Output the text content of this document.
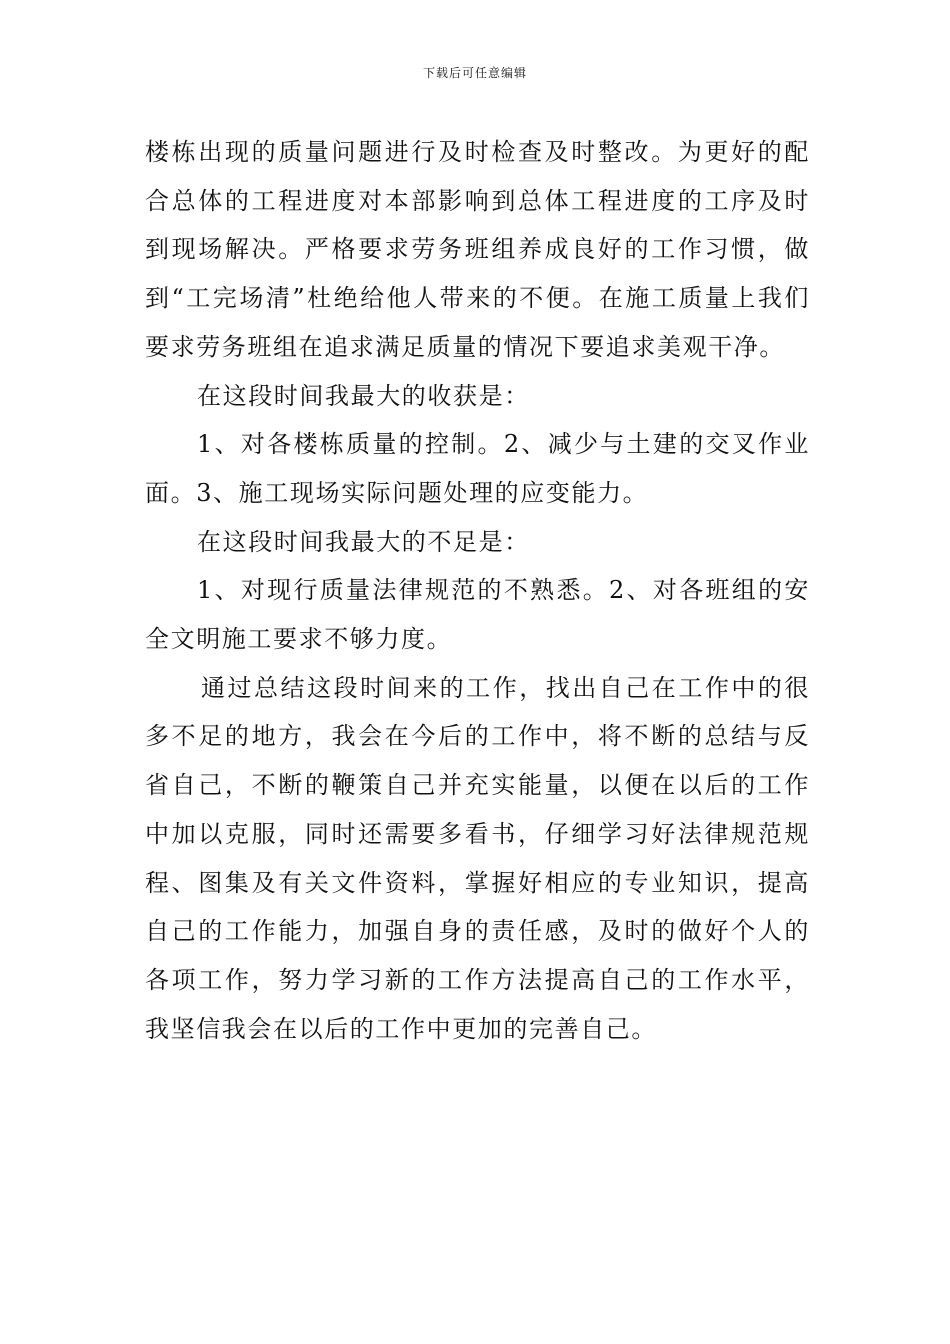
下载后可任意编辑

楼栋出现的质量问题进行及时检查及时整改。为更好的配合总体的工程进度对本部影响到总体工程进度的工序及时到现场解决。严格要求劳务班组养成良好的工作习惯，做到“工完场清”杜绝给他人带来的不便。在施工质量上我们要求劳务班组在追求满足质量的情况下要追求美观干净。

在这段时间我最大的收获是：

1、对各楼栋质量的控制。2、减少与土建的交叉作业面。3、施工现场实际问题处理的应变能力。

在这段时间我最大的不足是：

1、对现行质量法律规范的不熟悉。2、对各班组的安全文明施工要求不够力度。

通过总结这段时间来的工作，找出自己在工作中的很多不足的地方，我会在今后的工作中，将不断的总结与反省自己，不断的鞭策自己并充实能量，以便在以后的工作中加以克服，同时还需要多看书，仔细学习好法律规范规程、图集及有关文件资料，掌握好相应的专业知识，提高自己的工作能力，加强自身的责任感，及时的做好个人的各项工作，努力学习新的工作方法提高自己的工作水平，我坚信我会在以后的工作中更加的完善自己。
